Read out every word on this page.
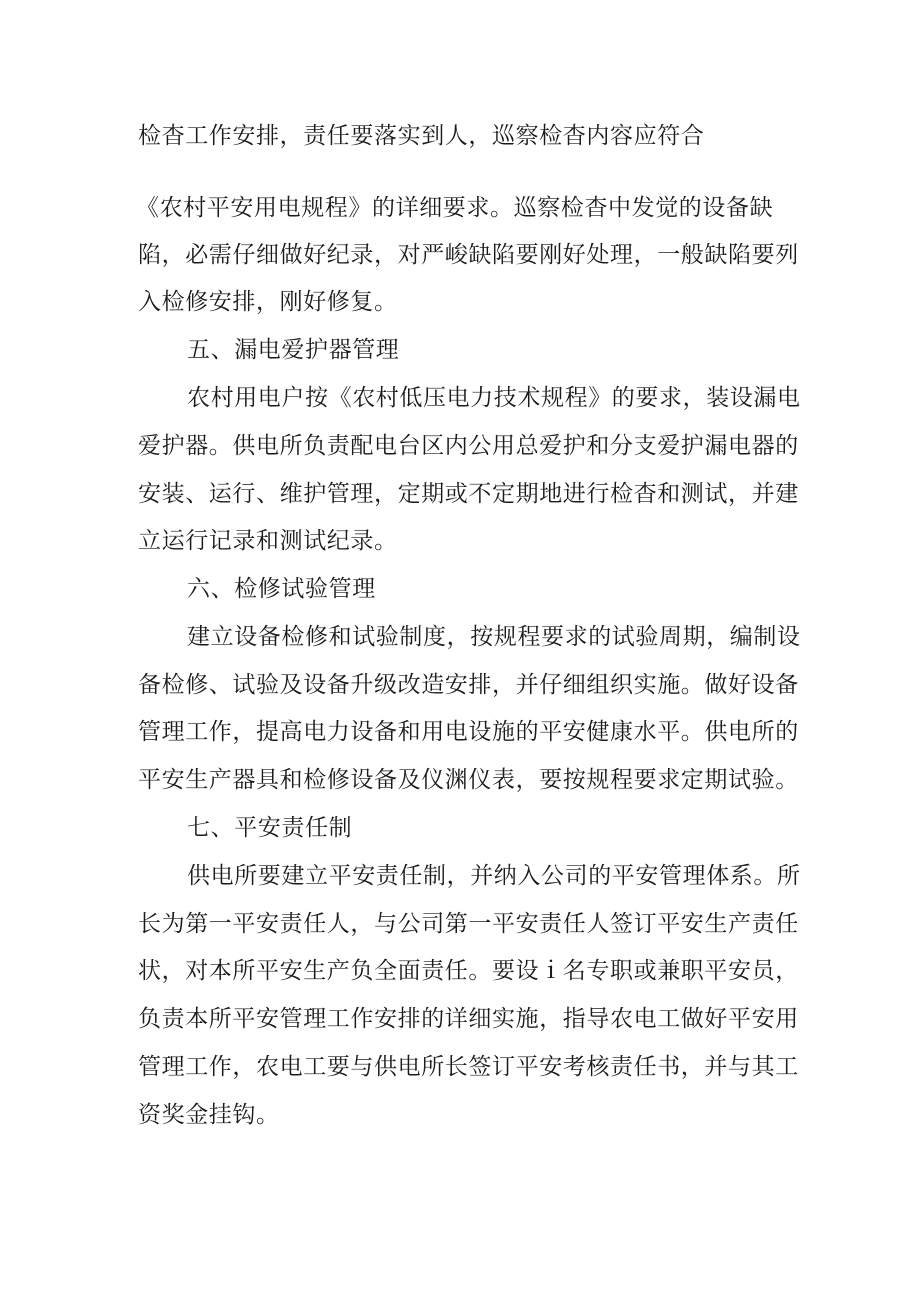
检杳工作安排，责任要落实到人，巡察检杳内容应符合

《农村平安用电规程》的详细要求。巡察检杳中发觉的设备缺

陷，必需仔细做好纪录，对严峻缺陷要刚好处理，一般缺陷要列

入检修安排，刚好修复。

五、漏电爱护器管理

农村用电户按《农村低压电力技术规程》的要求，装设漏电

爱护器。供电所负责配电台区内公用总爱护和分支爱护漏电器的

安装、运行、维护管理，定期或不定期地进行检杳和测试，并建

立运行记录和测试纪录。

六、检修试验管理

建立设备检修和试验制度，按规程要求的试验周期，编制设

备检修、试验及设备升级改造安排，并仔细组织实施。做好设备

管理工作，提高电力设备和用电设施的平安健康水平。供电所的

平安生产器具和检修设备及仪渊仪表，要按规程要求定期试验。

七、平安责任制

供电所要建立平安责任制，并纳入公司的平安管理体系。所

长为第一平安责任人，与公司第一平安责任人签订平安生产责任

状，对本所平安生产负全面责任。要设ｉ名专职或兼职平安员，

负责本所平安管理工作安排的详细实施，指导农电工做好平安用

管理工作，农电工要与供电所长签订平安考核责任书，并与其工

资奖金挂钩。
